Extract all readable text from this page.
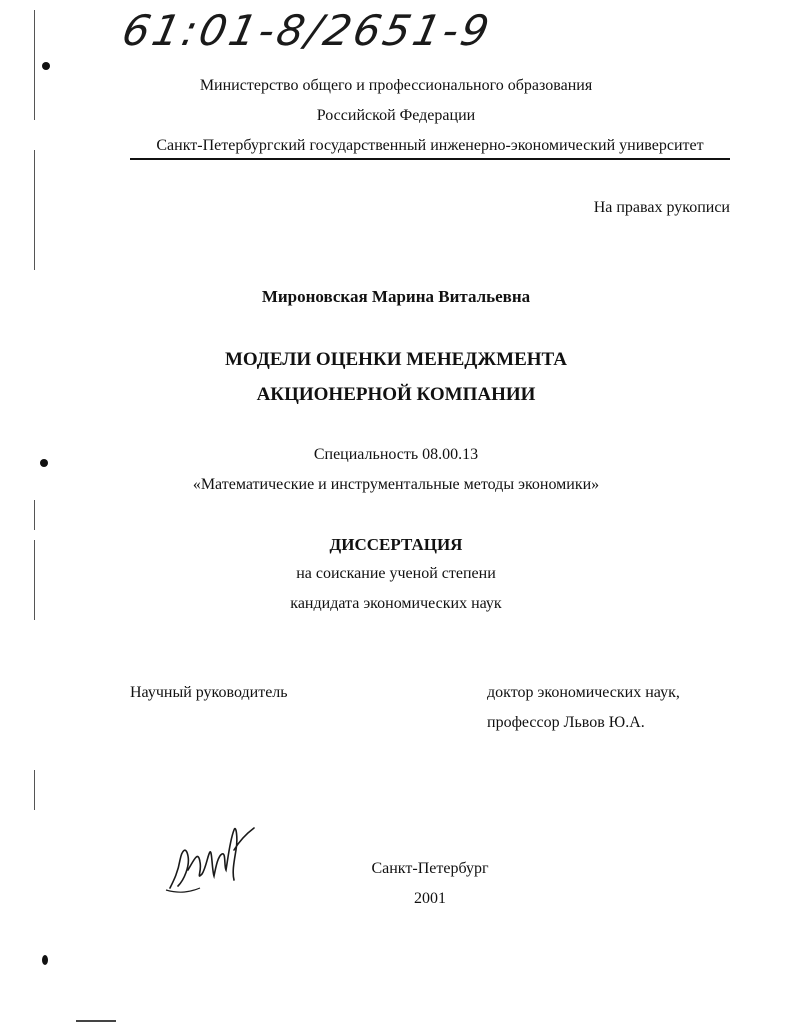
61:01-8/2651-9
Министерство общего и профессионального образования
Российской Федерации
Санкт-Петербургский государственный инженерно-экономический университет
На правах рукописи
Мироновская Марина Витальевна
МОДЕЛИ ОЦЕНКИ МЕНЕДЖМЕНТА
АКЦИОНЕРНОЙ КОМПАНИИ
Специальность 08.00.13
«Математические и инструментальные методы экономики»
ДИССЕРТАЦИЯ
на соискание ученой степени
кандидата экономических наук
Научный руководитель	доктор экономических наук,
профессор Львов Ю.А.
Санкт-Петербург
2001
